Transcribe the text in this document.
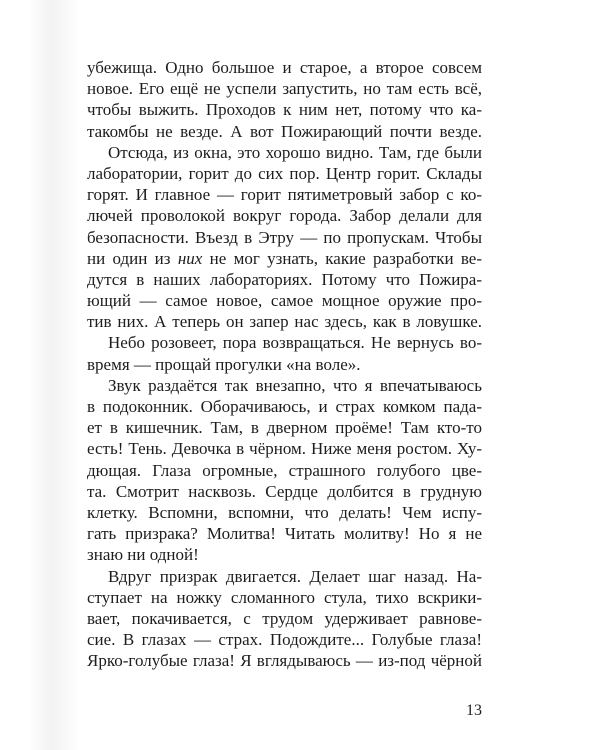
убежища. Одно большое и старое, а второе совсем
новое. Его ещё не успели запустить, но там есть всё,
чтобы выжить. Проходов к ним нет, потому что ка-
такомбы не везде. А вот Пожирающий почти везде.
Отсюда, из окна, это хорошо видно. Там, где были
лаборатории, горит до сих пор. Центр горит. Склады
горят. И главное — горит пятиметровый забор с ко-
лючей проволокой вокруг города. Забор делали для
безопасности. Въезд в Этру — по пропускам. Чтобы
ни один из них не мог узнать, какие разработки ве-
дутся в наших лабораториях. Потому что Пожира-
ющий — самое новое, самое мощное оружие про-
тив них. А теперь он запер нас здесь, как в ловушке.
Небо розовеет, пора возвращаться. Не вернусь во-
время — прощай прогулки «на воле».
Звук раздаётся так внезапно, что я впечатываюсь
в подоконник. Оборачиваюсь, и страх комком пада-
ет в кишечник. Там, в дверном проёме! Там кто-то
есть! Тень. Девочка в чёрном. Ниже меня ростом. Ху-
дющая. Глаза огромные, страшного голубого цве-
та. Смотрит насквозь. Сердце долбится в грудную
клетку. Вспомни, вспомни, что делать! Чем испу-
гать призрака? Молитва! Читать молитву! Но я не
знаю ни одной!
Вдруг призрак двигается. Делает шаг назад. На-
ступает на ножку сломанного стула, тихо вскрики-
вает, покачивается, с трудом удерживает равнове-
сие. В глазах — страх. Подождите... Голубые глаза!
Ярко-голубые глаза! Я вглядываюсь — из-под чёрной
13
